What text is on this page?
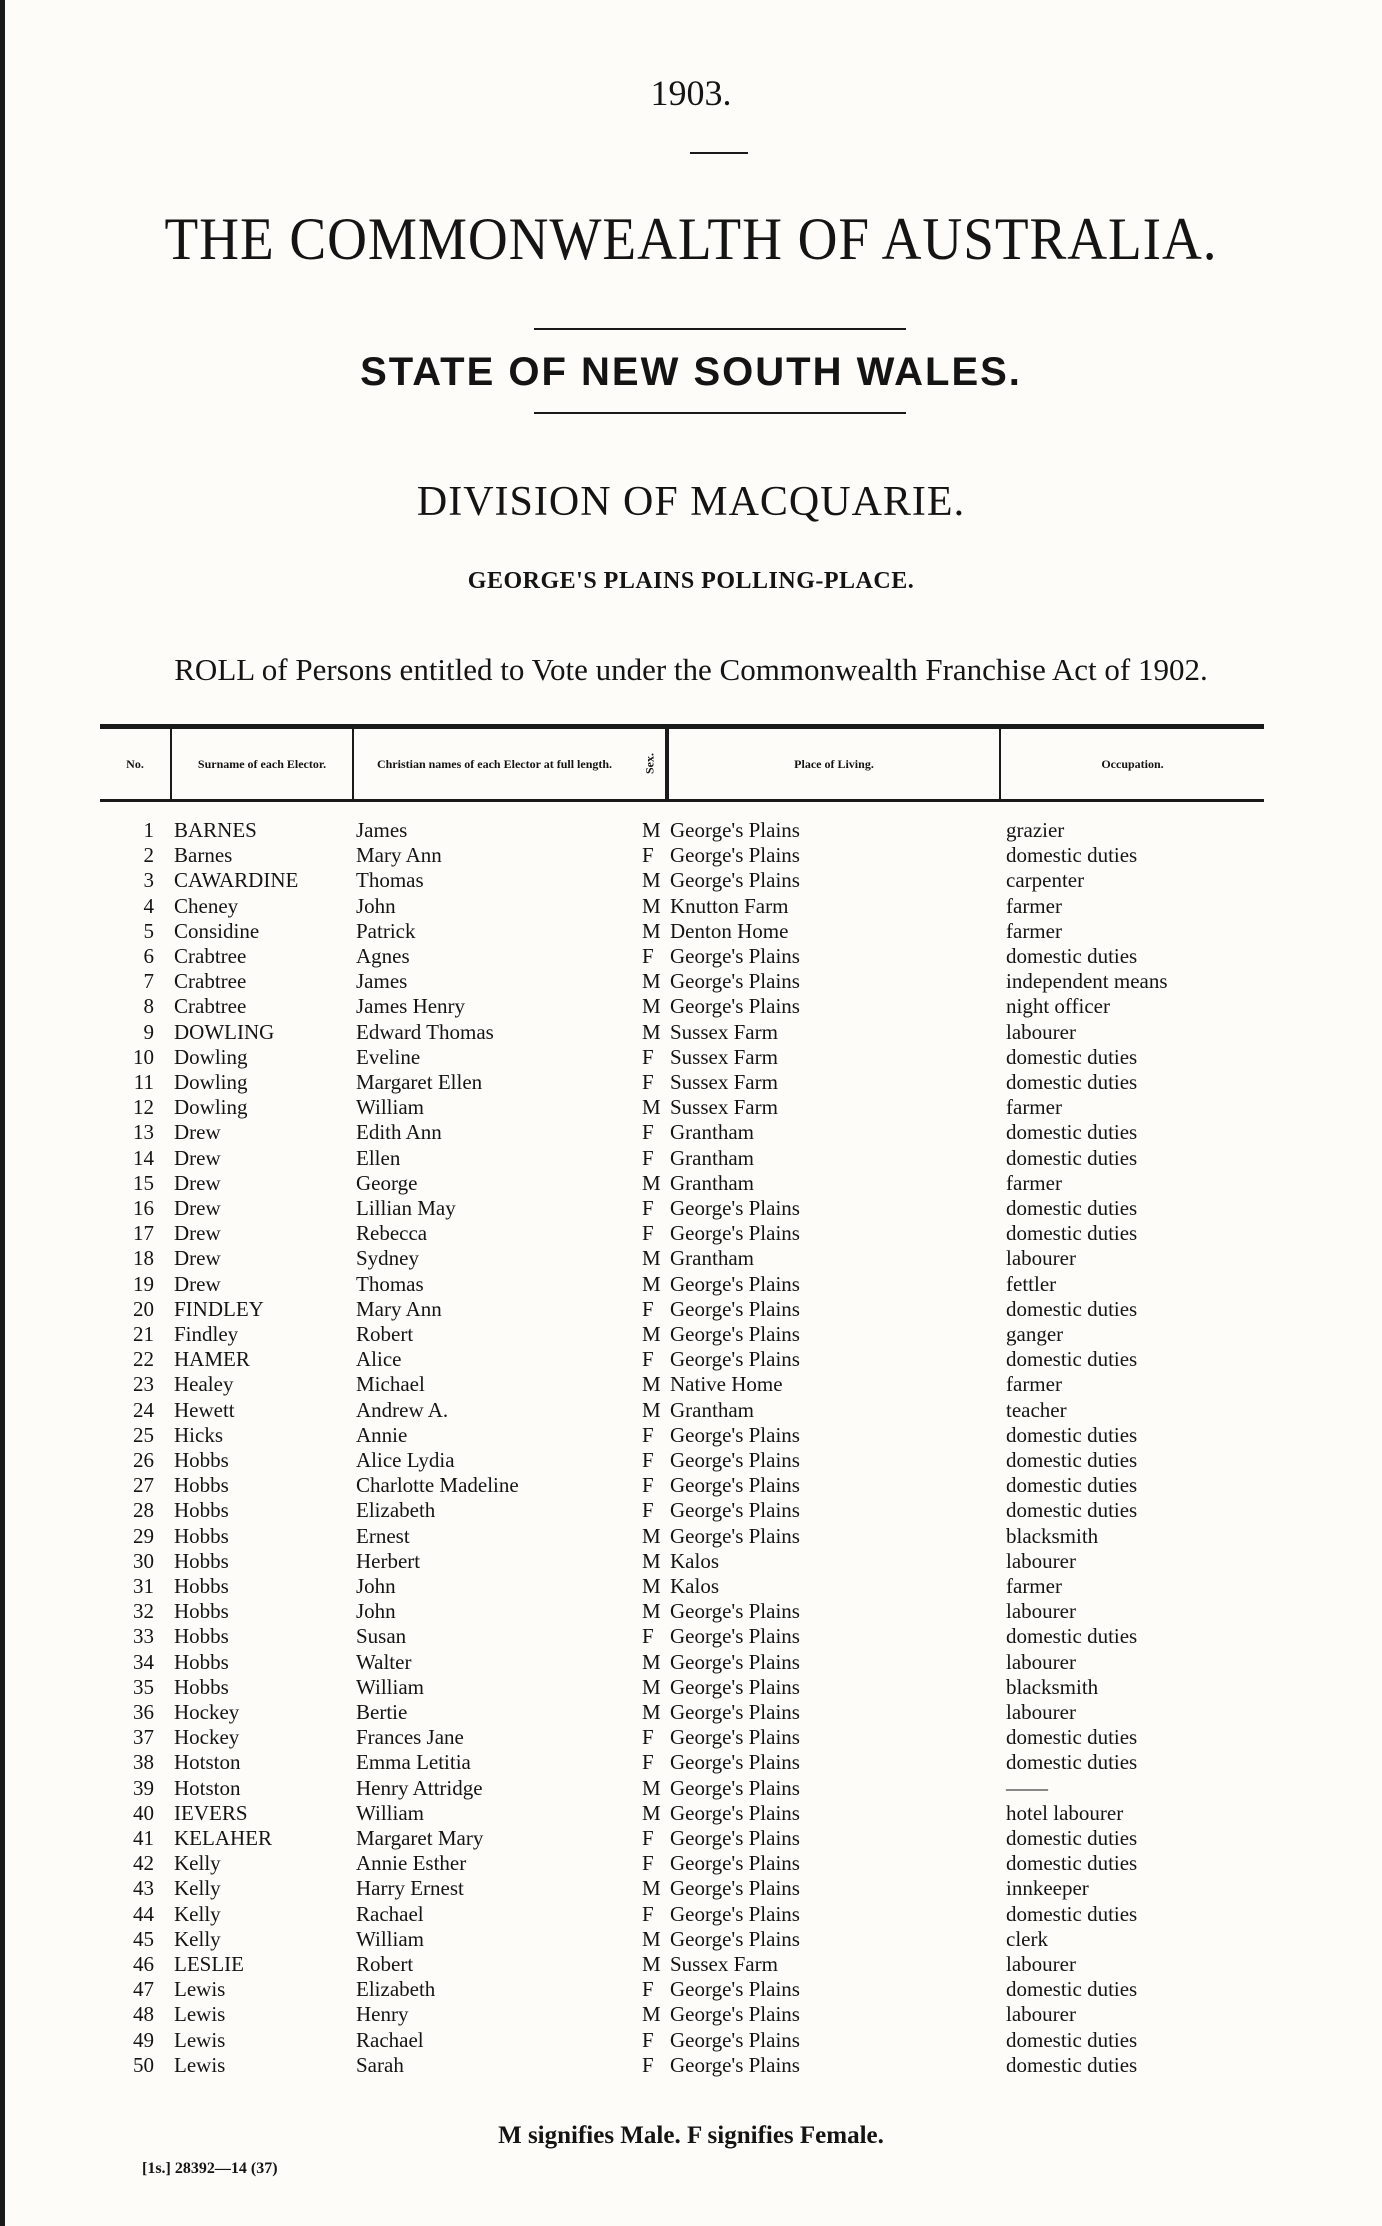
1903.
THE COMMONWEALTH OF AUSTRALIA.
STATE OF NEW SOUTH WALES.
DIVISION OF MACQUARIE.
GEORGE'S PLAINS POLLING-PLACE.
ROLL of Persons entitled to Vote under the Commonwealth Franchise Act of 1902.
No.	Surname of each Elector.	Christian names of each Elector at full length.	Sex.	Place of Living.	Occupation.
1 BARNES	James	M George's Plains	grazier
2 Barnes	Mary Ann	F George's Plains	domestic duties
3 CAWARDINE	Thomas	M George's Plains	carpenter
4 Cheney	John	M Knutton Farm	farmer
5 Considine	Patrick	M Denton Home	farmer
6 Crabtree	Agnes	F George's Plains	domestic duties
7 Crabtree	James	M George's Plains	independent means
8 Crabtree	James Henry	M George's Plains	night officer
9 DOWLING	Edward Thomas	M Sussex Farm	labourer
10 Dowling	Eveline	F Sussex Farm	domestic duties
11 Dowling	Margaret Ellen	F Sussex Farm	domestic duties
12 Dowling	William	M Sussex Farm	farmer
13 Drew	Edith Ann	F Grantham	domestic duties
14 Drew	Ellen	F Grantham	domestic duties
15 Drew	George	M Grantham	farmer
16 Drew	Lillian May	F George's Plains	domestic duties
17 Drew	Rebecca	F George's Plains	domestic duties
18 Drew	Sydney	M Grantham	labourer
19 Drew	Thomas	M George's Plains	fettler
20 FINDLEY	Mary Ann	F George's Plains	domestic duties
21 Findley	Robert	M George's Plains	ganger
22 HAMER	Alice	F George's Plains	domestic duties
23 Healey	Michael	M Native Home	farmer
24 Hewett	Andrew A.	M Grantham	teacher
25 Hicks	Annie	F George's Plains	domestic duties
26 Hobbs	Alice Lydia	F George's Plains	domestic duties
27 Hobbs	Charlotte Madeline	F George's Plains	domestic duties
28 Hobbs	Elizabeth	F George's Plains	domestic duties
29 Hobbs	Ernest	M George's Plains	blacksmith
30 Hobbs	Herbert	M Kalos	labourer
31 Hobbs	John	M Kalos	farmer
32 Hobbs	John	M George's Plains	labourer
33 Hobbs	Susan	F George's Plains	domestic duties
34 Hobbs	Walter	M George's Plains	labourer
35 Hobbs	William	M George's Plains	blacksmith
36 Hockey	Bertie	M George's Plains	labourer
37 Hockey	Frances Jane	F George's Plains	domestic duties
38 Hotston	Emma Letitia	F George's Plains	domestic duties
39 Hotston	Henry Attridge	M George's Plains	——
40 IEVERS	William	M George's Plains	hotel labourer
41 KELAHER	Margaret Mary	F George's Plains	domestic duties
42 Kelly	Annie Esther	F George's Plains	domestic duties
43 Kelly	Harry Ernest	M George's Plains	innkeeper
44 Kelly	Rachael	F George's Plains	domestic duties
45 Kelly	William	M George's Plains	clerk
46 LESLIE	Robert	M Sussex Farm	labourer
47 Lewis	Elizabeth	F George's Plains	domestic duties
48 Lewis	Henry	M George's Plains	labourer
49 Lewis	Rachael	F George's Plains	domestic duties
50 Lewis	Sarah	F George's Plains	domestic duties
M signifies Male. F signifies Female.
[1s.] 28392—14 (37)
